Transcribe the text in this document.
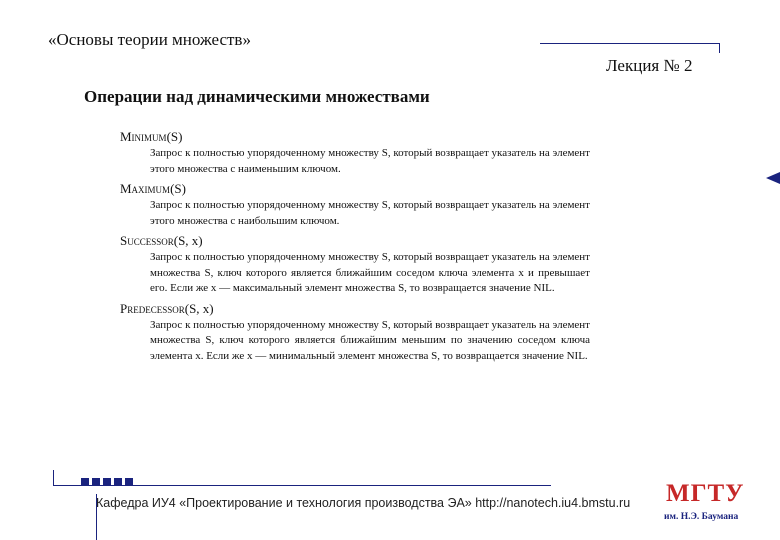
«Основы теории множеств»
Лекция № 2
Операции над динамическими множествами
Minimum(S)
Запрос к полностью упорядоченному множеству S, который возвращает указатель на элемент этого множества с наименьшим ключом.
Maximum(S)
Запрос к полностью упорядоченному множеству S, который возвращает указатель на элемент этого множества с наибольшим ключом.
Successor(S, x)
Запрос к полностью упорядоченному множеству S, который возвращает указатель на элемент множества S, ключ которого является ближайшим соседом ключа элемента x и превышает его. Если же x — максимальный элемент множества S, то возвращается значение NIL.
Predecessor(S, x)
Запрос к полностью упорядоченному множеству S, который возвращает указатель на элемент множества S, ключ которого является ближайшим меньшим по значению соседом ключа элемента x. Если же x — минимальный элемент множества S, то возвращается значение NIL.
Кафедра ИУ4 «Проектирование и технология производства ЭА» http://nanotech.iu4.bmstu.ru МГТУ
им. Н.Э. Баумана
